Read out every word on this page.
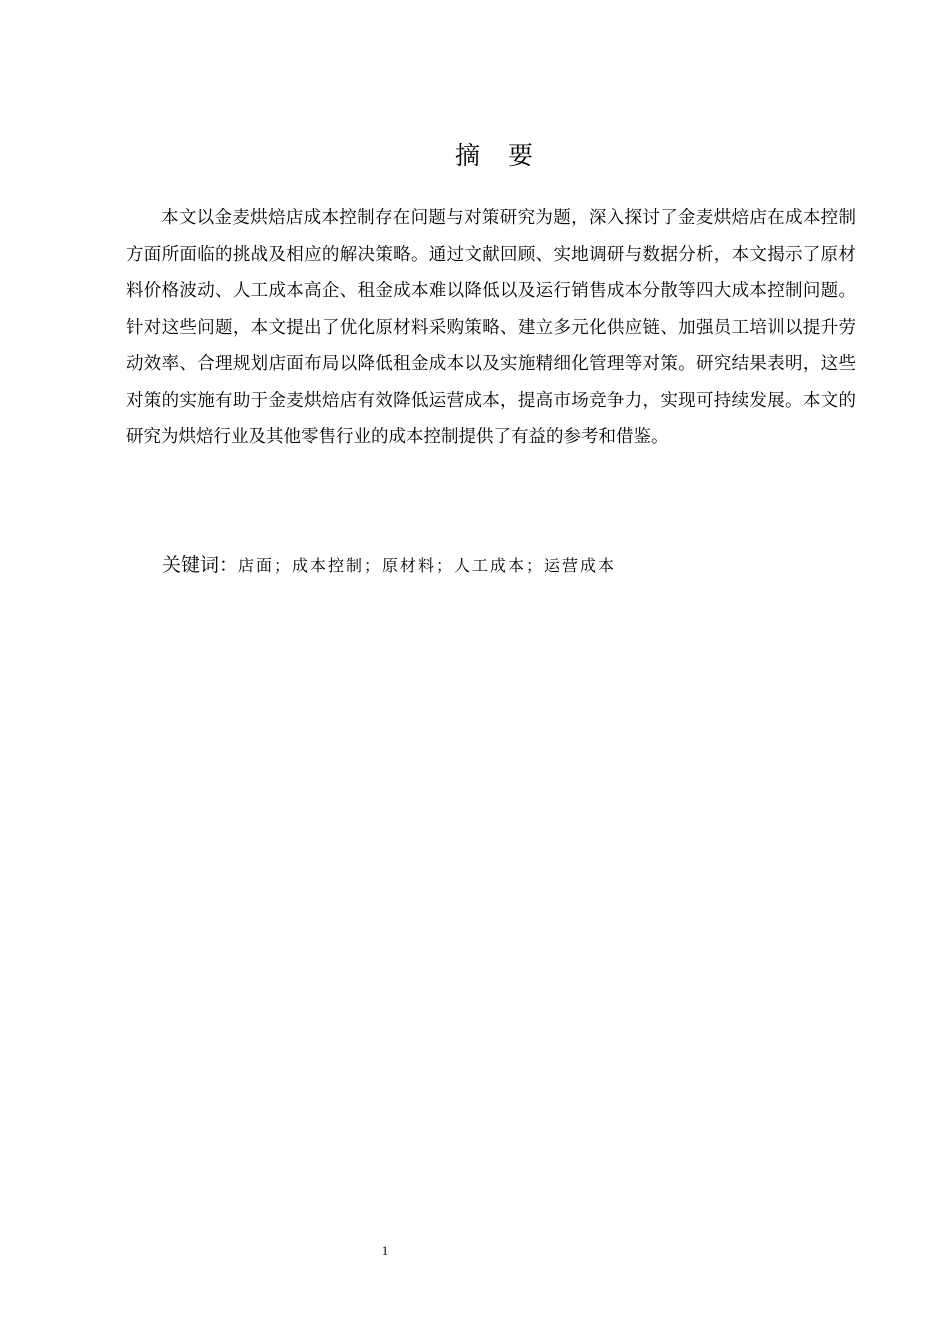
摘 要

本文以金麦烘焙店成本控制存在问题与对策研究为题，深入探讨了金麦烘焙店在成本控制方面所面临的挑战及相应的解决策略。通过文献回顾、实地调研与数据分析，本文揭示了原材料价格波动、人工成本高企、租金成本难以降低以及运行销售成本分散等四大成本控制问题。针对这些问题，本文提出了优化原材料采购策略、建立多元化供应链、加强员工培训以提升劳动效率、合理规划店面布局以降低租金成本以及实施精细化管理等对策。研究结果表明，这些对策的实施有助于金麦烘焙店有效降低运营成本，提高市场竞争力，实现可持续发展。本文的研究为烘焙行业及其他零售行业的成本控制提供了有益的参考和借鉴。

关键词：店面；成本控制；原材料；人工成本；运营成本
1
